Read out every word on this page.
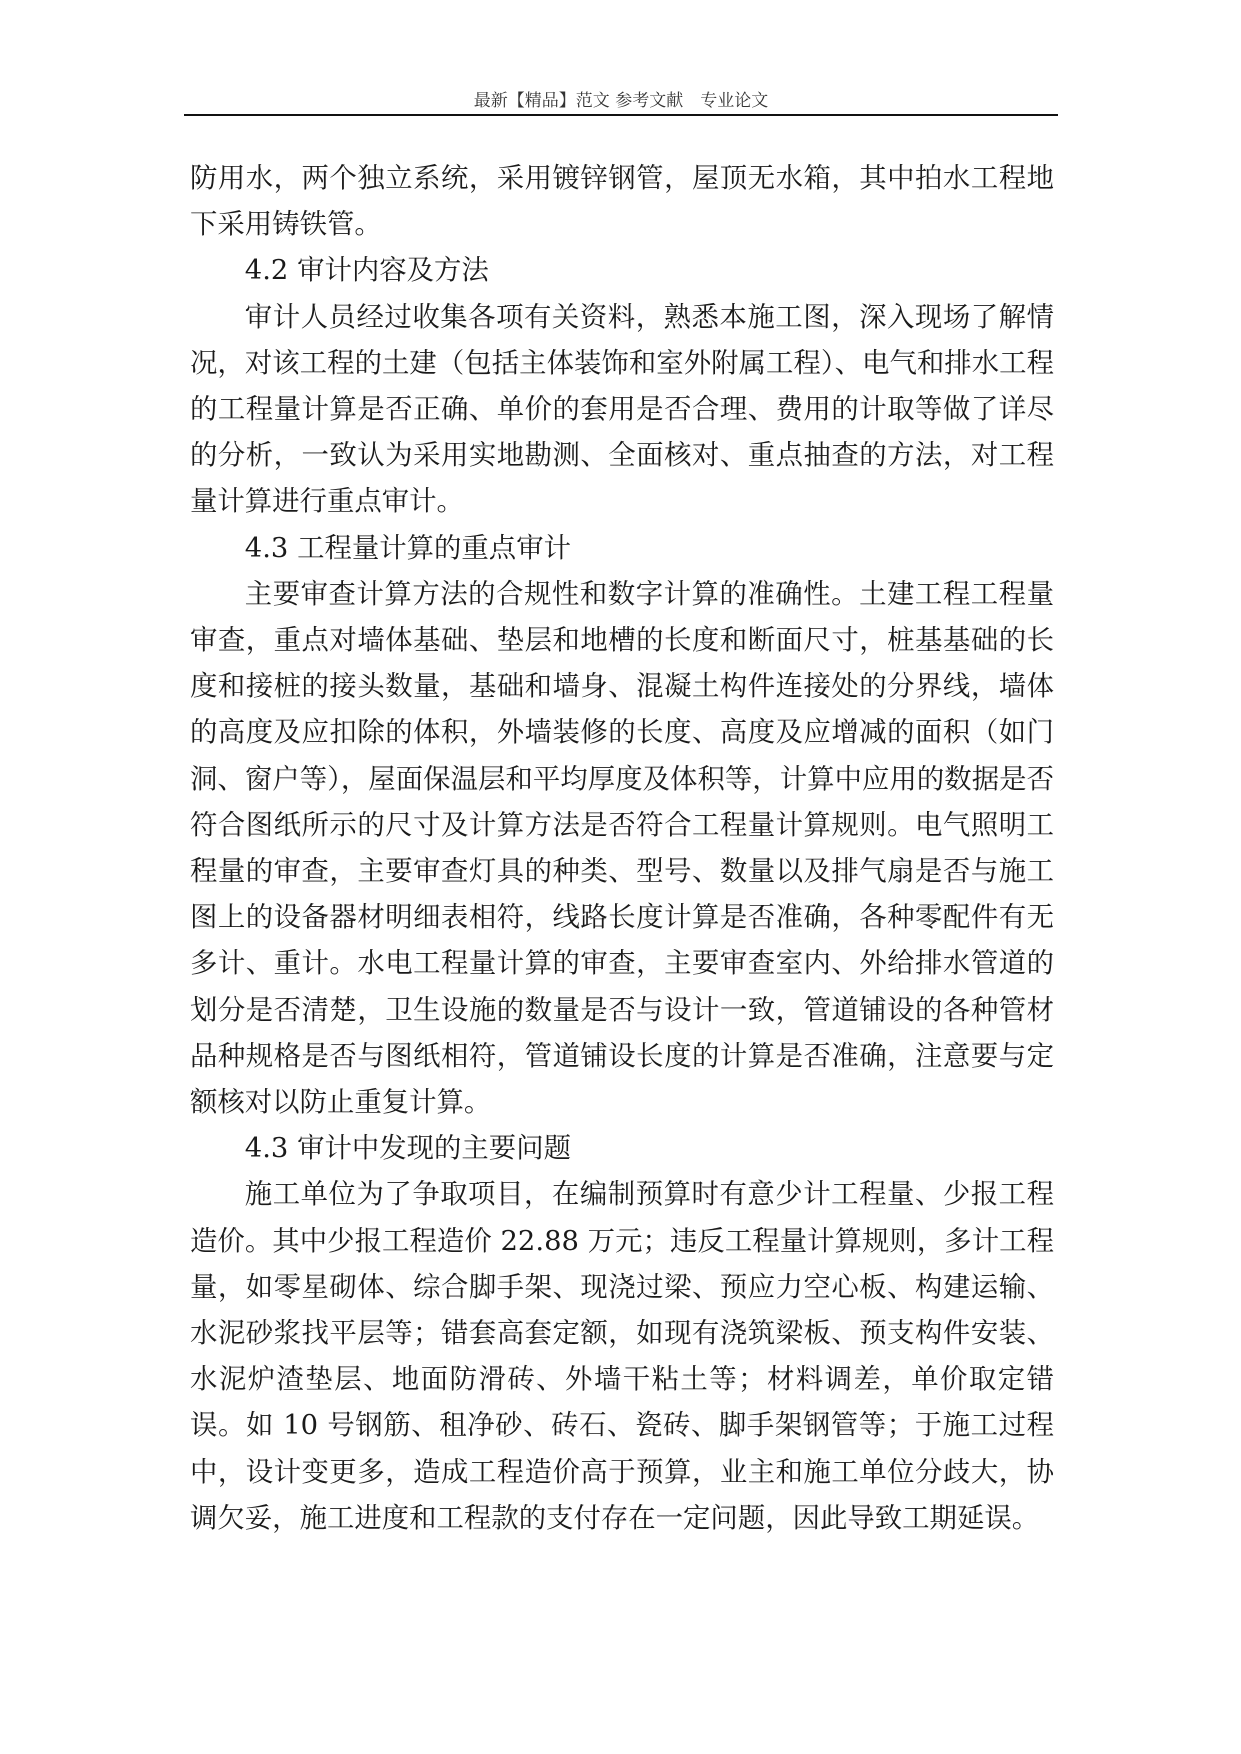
最新【精品】范文 参考文献　专业论文

防用水，两个独立系统，采用镀锌钢管，屋顶无水箱，其中拍水工程地下采用铸铁管。

4.2 审计内容及方法

审计人员经过收集各项有关资料，熟悉本施工图，深入现场了解情况，对该工程的土建（包括主体装饰和室外附属工程）、电气和排水工程的工程量计算是否正确、单价的套用是否合理、费用的计取等做了详尽的分析，一致认为采用实地勘测、全面核对、重点抽查的方法，对工程量计算进行重点审计。

4.3 工程量计算的重点审计

主要审查计算方法的合规性和数字计算的准确性。土建工程工程量审查，重点对墙体基础、垫层和地槽的长度和断面尺寸，桩基基础的长度和接桩的接头数量，基础和墙身、混凝土构件连接处的分界线，墙体的高度及应扣除的体积，外墙装修的长度、高度及应增减的面积（如门洞、窗户等），屋面保温层和平均厚度及体积等，计算中应用的数据是否符合图纸所示的尺寸及计算方法是否符合工程量计算规则。电气照明工程量的审查，主要审查灯具的种类、型号、数量以及排气扇是否与施工图上的设备器材明细表相符，线路长度计算是否准确，各种零配件有无多计、重计。水电工程量计算的审查，主要审查室内、外给排水管道的划分是否清楚，卫生设施的数量是否与设计一致，管道铺设的各种管材品种规格是否与图纸相符，管道铺设长度的计算是否准确，注意要与定额核对以防止重复计算。

4.3 审计中发现的主要问题

施工单位为了争取项目，在编制预算时有意少计工程量、少报工程造价。其中少报工程造价 22.88 万元；违反工程量计算规则，多计工程量，如零星砌体、综合脚手架、现浇过梁、预应力空心板、构建运输、水泥砂浆找平层等；错套高套定额，如现有浇筑梁板、预支构件安装、水泥炉渣垫层、地面防滑砖、外墙干粘土等；材料调差，单价取定错误。如 10 号钢筋、租净砂、砖石、瓷砖、脚手架钢管等；于施工过程中，设计变更多，造成工程造价高于预算，业主和施工单位分歧大，协调欠妥，施工进度和工程款的支付存在一定问题，因此导致工期延误。
